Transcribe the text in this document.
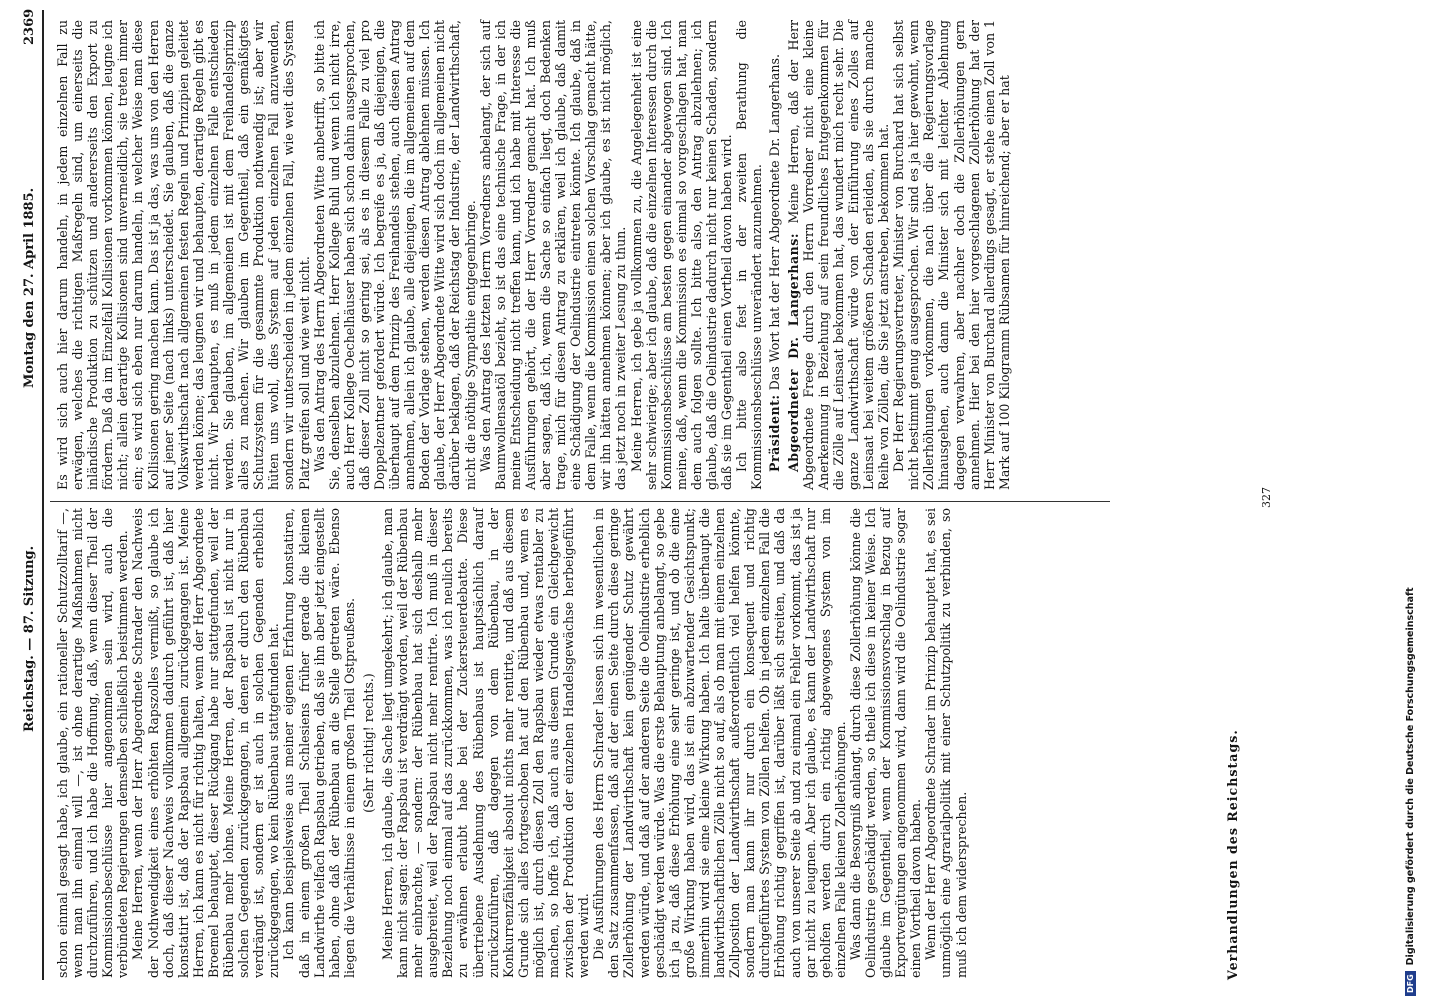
Reichstag. — 87. Sitzung.
Montag den 27. April 1885.
2369

schon einmal gesagt habe, ich glaube, ein rationeller Schutzzolltarif —, wenn man ihn einmal will —, ist ohne derartige Maßnahmen nicht durchzuführen, und ich habe die Hoffnung, daß, wenn dieser Theil der Kommissionsbeschlüsse hier angenommen sein wird, auch die verbündeten Regierungen demselben schließlich beistimmen werden. Meine Herren, wenn der Herr Abgeordnete Schrader den Nachweis der Nothwendigkeit eines erhöhten Rapszolles vermißt, so glaube ich doch, daß dieser Nachweis vollkommen dadurch geführt ist, daß hier konstatirt ist, daß der Rapsbau allgemein zurückgegangen ist. Meine Herren, ich kann es nicht für richtig halten, wenn der Herr Abgeordnete Broemel behauptet, dieser Rückgang habe nur stattgefunden, weil der Rübenbau mehr lohne. Meine Herren, der Rapsbau ist nicht nur in solchen Gegenden zurückgegangen, in denen er durch den Rübenbau verdrängt ist, sondern er ist auch in solchen Gegenden erheblich zurückgegangen, wo kein Rübenbau stattgefunden hat. Ich kann beispielsweise aus meiner eigenen Erfahrung konstatiren, daß in einem großen Theil Schlesiens früher gerade die kleinen Landwirthe vielfach Rapsbau getrieben, daß sie ihn aber jetzt eingestellt haben, ohne daß der Rübenbau an die Stelle getreten wäre. Ebenso liegen die Verhältnisse in einem großen Theil Ostpreußens. (Sehr richtig! rechts.) Meine Herren, ich glaube, die Sache liegt umgekehrt; ich glaube, man kann nicht sagen: der Rapsbau ist verdrängt worden, weil der Rübenbau mehr einbrachte, — sondern: der Rübenbau hat sich deshalb mehr ausgebreitet, weil der Rapsbau nicht mehr rentirte. Ich muß in dieser Beziehung noch einmal auf das zurückkommen, was ich neulich bereits zu erwähnen erlaubt habe bei der Zuckersteuerdebatte. Diese übertriebene Ausdehnung des Rübenbaus ist hauptsächlich darauf zurückzuführen, daß dagegen von dem Rübenbau, in der Konkurrenzfähigkeit absolut nichts mehr rentirte, und daß aus diesem Grunde sich alles fortgeschoben hat auf den Rübenbau und, wenn es möglich ist, durch diesen Zoll den Rapsbau wieder etwas rentabler zu machen, so hoffe ich, daß auch aus diesem Grunde ein Gleichgewicht zwischen der Produktion der einzelnen Handelsgewächse herbeigeführt werden wird. Die Ausführungen des Herrn Schrader lassen sich im wesentlichen in den Satz zusammenfassen, daß auf der einen Seite durch diese geringe Zollerhöhung der Landwirthschaft kein genügender Schutz gewährt werden würde, und daß auf der anderen Seite die Oelindustrie erheblich geschädigt werden würde. Was die erste Behauptung anbelangt, so gebe ich ja zu, daß diese Erhöhung eine sehr geringe ist, und ob die eine große Wirkung haben wird, das ist ein abzuwartender Gesichtspunkt; immerhin wird sie eine kleine Wirkung haben. Ich halte überhaupt die landwirthschaftlichen Zölle nicht so auf, als ob man mit einem einzelnen Zollposition der Landwirthschaft außerordentlich viel helfen könnte, sondern man kann ihr nur durch ein konsequent und richtig durchgeführtes System von Zöllen helfen. Ob in jedem einzelnen Fall die Erhöhung richtig gegriffen ist, darüber läßt sich streiten, und daß da auch von unserer Seite ab und zu einmal ein Fehler vorkommt, das ist ja gar nicht zu leugnen. Aber ich glaube, es kann der Landwirthschaft nur geholfen werden durch ein richtig abgewogenes System von im einzelnen Falle kleinen Zollerhöhungen. Was dann die Besorgniß anlangt, durch diese Zollerhöhung könne die Oelindustrie geschädigt werden, so theile ich diese in keiner Weise. Ich glaube im Gegentheil, wenn der Kommissionsvorschlag in Bezug auf Exportvergütungen angenommen wird, dann wird die Oelindustrie sogar einen Vortheil davon haben. Wenn der Herr Abgeordnete Schrader im Prinzip behauptet hat, es sei unmöglich eine Agrarialpolitik mit einer Schutzpolitik zu verbinden, so muß ich dem widersprechen.

Es wird sich auch hier darum handeln, in jedem einzelnen Fall zu erwägen, welches die richtigen Maßregeln sind, um einerseits die inländische Produktion zu schützen und andererseits den Export zu fördern. Daß da im Einzelfall Kollisionen vorkommen können, leugne ich nicht; allein derartige Kollisionen sind unvermeidlich, sie treten immer ein; es wird sich eben nur darum handeln, in welcher Weise man diese Kollisionen gering machen kann. Das ist ja das, was uns von den Herren auf jener Seite (nach links) unterscheidet. Sie glauben, daß die ganze Volkswirthschaft nach allgemeinen festen Regeln und Prinzipien geleitet werden könne; das leugnen wir und behaupten, derartige Regeln gibt es nicht. Wir behaupten, es muß in jedem einzelnen Falle entschieden werden. Sie glauben, im allgemeinen ist mit dem Freihandelsprinzip alles zu machen. Wir glauben im Gegentheil, daß ein gemäßigtes Schutzsystem für die gesammte Produktion nothwendig ist; aber wir hüten uns wohl, dies System auf jeden einzelnen Fall anzuwenden, sondern wir unterscheiden in jedem einzelnen Fall, wie weit dies System Platz greifen soll und wie weit nicht. Was den Antrag des Herrn Abgeordneten Witte anbetrifft, so bitte ich Sie, denselben abzulehnen. Herr Kollege Buhl und wenn ich nicht irre, auch Herr Kollege Oechelhäuser haben sich schon dahin ausgesprochen, daß dieser Zoll nicht so gering sei, als es in diesem Falle zu viel pro Doppelzentner gefordert würde. Ich begreife es ja, daß diejenigen, die überhaupt auf dem Prinzip des Freihandels stehen, auch diesen Antrag annehmen, allein ich glaube, alle diejenigen, die im allgemeinen auf dem Boden der Vorlage stehen, werden diesen Antrag ablehnen müssen. Ich glaube, der Herr Abgeordnete Witte wird sich doch im allgemeinen nicht darüber beklagen, daß der Reichstag der Industrie, der Landwirthschaft, nicht die nöthige Sympathie entgegenbringe. Was den Antrag des letzten Herrn Vorredners anbelangt, der sich auf Baumwollensaatöl bezieht, so ist das eine technische Frage, in der ich meine Entscheidung nicht treffen kann, und ich habe mit Interesse die Ausführungen gehört, die der Herr Vorredner gemacht hat. Ich muß aber sagen, daß ich, wenn die Sache so einfach liegt, doch Bedenken trage, mich für diesen Antrag zu erklären, weil ich glaube, daß damit eine Schädigung der Oelindustrie eintreten könnte. Ich glaube, daß in dem Falle, wenn die Kommission einen solchen Vorschlag gemacht hätte, wir ihn hätten annehmen können; aber ich glaube, es ist nicht möglich, das jetzt noch in zweiter Lesung zu thun. Meine Herren, ich gebe ja vollkommen zu, die Angelegenheit ist eine sehr schwierige; aber ich glaube, daß die einzelnen Interessen durch die Kommissionsbeschlüsse am besten gegen einander abgewogen sind. Ich meine, daß, wenn die Kommission es einmal so vorgeschlagen hat, man dem auch folgen sollte. Ich bitte also, den Antrag abzulehnen; ich glaube, daß die Oelindustrie dadurch nicht nur keinen Schaden, sondern daß sie im Gegentheil einen Vortheil davon haben wird. Ich bitte also fest in der zweiten Berathung die Kommissionsbeschlüsse unverändert anzunehmen. Präsident: Das Wort hat der Herr Abgeordnete Dr. Langerhans. Abgeordneter Dr. Langerhans: Meine Herren, daß der Herr Abgeordnete Freege durch den Herrn Vorredner nicht eine kleine Anerkennung in Beziehung auf sein freundliches Entgegenkommen für die Zölle auf Leinsaat bekommen hat, das wundert mich recht sehr. Die ganze Landwirthschaft würde von der Einführung eines Zolles auf Leinsaat bei weitem größeren Schaden erleiden, als sie durch manche Reihe von Zöllen, die Sie jetzt anstreben, bekommen hat. Der Herr Regierungsvertreter, Minister von Burchard hat sich selbst nicht bestimmt genug ausgesprochen. Wir sind es ja hier gewohnt, wenn Zollerhöhungen vorkommen, die nach über die Regierungsvorlage hinausgehen, auch dann die Minister sich mit leichter Ablehnung dagegen verwahren, aber nachher doch die Zollerhöhungen gern annehmen. Hier bei den hier vorgeschlagenen Zollerhöhung hat der Herr Minister von Burchard allerdings gesagt, er stehe einen Zoll von 1 Mark auf 100 Kilogramm Rübsamen für hinreichend; aber er hat

Verhandlungen des Reichstags.
327
DFG
Digitalisierung gefördert durch die Deutsche Forschungsgemeinschaft
